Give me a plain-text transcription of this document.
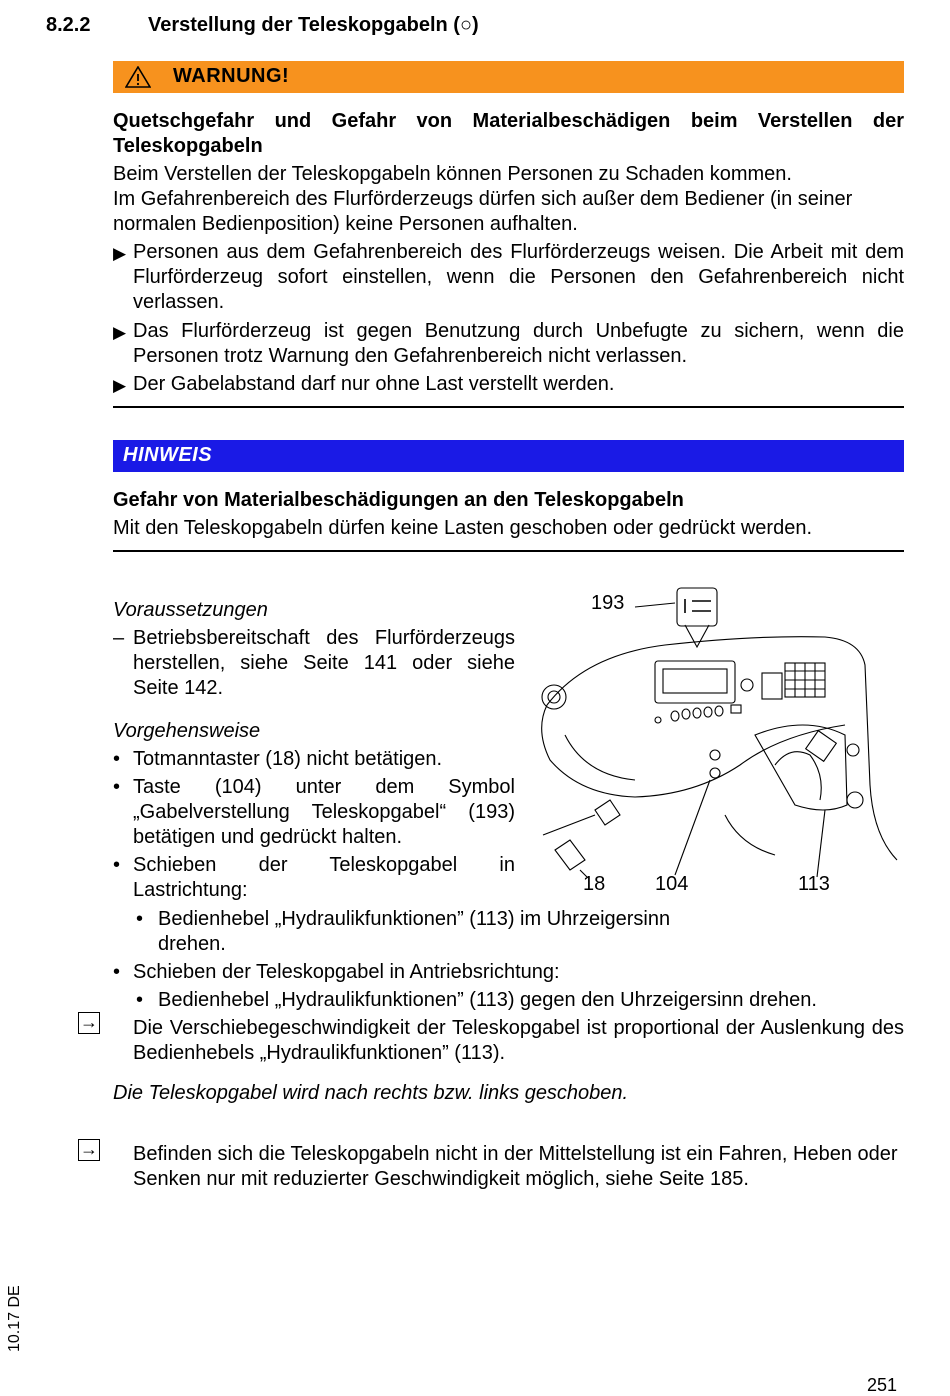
8.2.2	Verstellung der Teleskopgabeln (○)
WARNUNG!
Quetschgefahr und Gefahr von Materialbeschädigen beim Verstellen der Teleskopgabeln
Beim Verstellen der Teleskopgabeln können Personen zu Schaden kommen.
Im Gefahrenbereich des Flurförderzeugs dürfen sich außer dem Bediener (in seiner normalen Bedienposition) keine Personen aufhalten.
▶ Personen aus dem Gefahrenbereich des Flurförderzeugs weisen. Die Arbeit mit dem Flurförderzeug sofort einstellen, wenn die Personen den Gefahrenbereich nicht verlassen.
▶ Das Flurförderzeug ist gegen Benutzung durch Unbefugte zu sichern, wenn die Personen trotz Warnung den Gefahrenbereich nicht verlassen.
▶ Der Gabelabstand darf nur ohne Last verstellt werden.
HINWEIS
Gefahr von Materialbeschädigungen an den Teleskopgabeln
Mit den Teleskopgabeln dürfen keine Lasten geschoben oder gedrückt werden.
Voraussetzungen
– Betriebsbereitschaft des Flurförderzeugs herstellen, siehe Seite 141 oder siehe Seite 142.
Vorgehensweise
• Totmanntaster (18) nicht betätigen.
• Taste (104) unter dem Symbol „Gabelverstellung Teleskopgabel“ (193) betätigen und gedrückt halten.
• Schieben der Teleskopgabel in Lastrichtung:
• Bedienhebel „Hydraulikfunktionen” (113) im Uhrzeigersinn drehen.
• Schieben der Teleskopgabel in Antriebsrichtung:
• Bedienhebel „Hydraulikfunktionen” (113) gegen den Uhrzeigersinn drehen.
→ Die Verschiebegeschwindigkeit der Teleskopgabel ist proportional der Auslenkung des Bedienhebels „Hydraulikfunktionen” (113).
Die Teleskopgabel wird nach rechts bzw. links geschoben.
→ Befinden sich die Teleskopgabeln nicht in der Mittelstellung ist ein Fahren, Heben oder Senken nur mit reduzierter Geschwindigkeit möglich, siehe Seite 185.
193
18 104	113
10.17 DE
251
